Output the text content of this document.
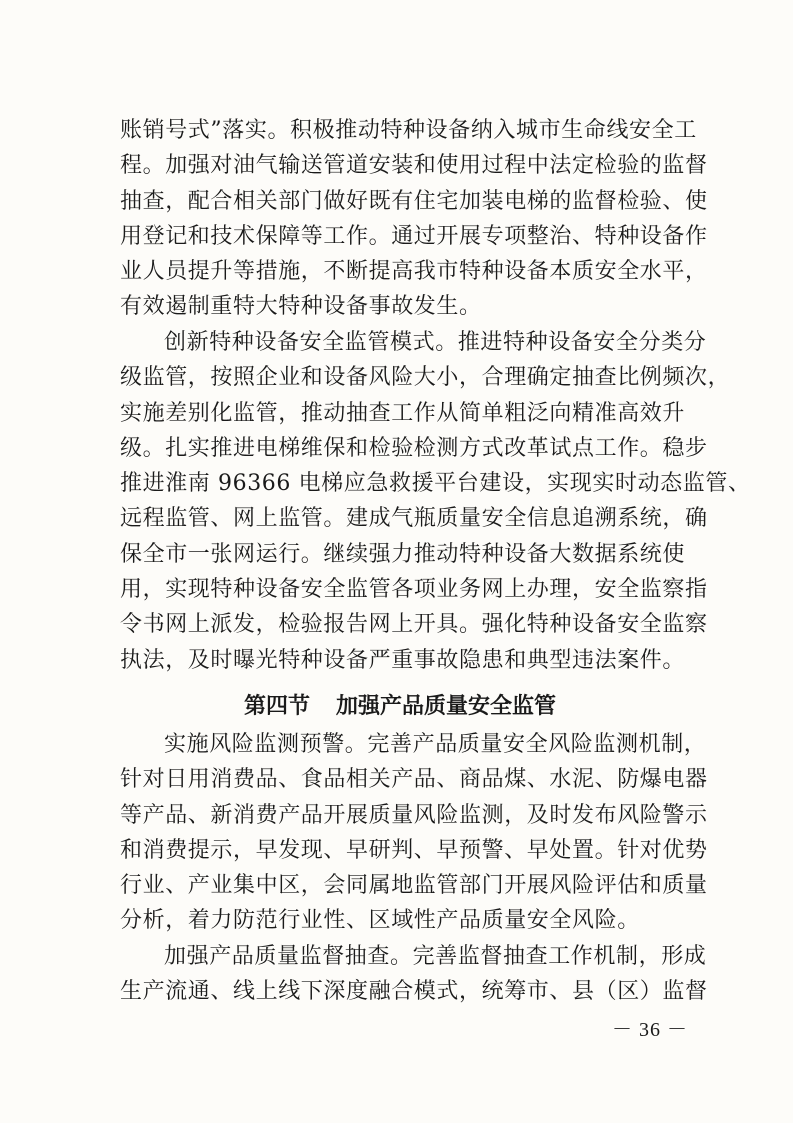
账销号式”落实。积极推动特种设备纳入城市生命线安全工
程。加强对油气输送管道安装和使用过程中法定检验的监督
抽查，配合相关部门做好既有住宅加装电梯的监督检验、使
用登记和技术保障等工作。通过开展专项整治、特种设备作
业人员提升等措施，不断提高我市特种设备本质安全水平，
有效遏制重特大特种设备事故发生。
创新特种设备安全监管模式。推进特种设备安全分类分
级监管，按照企业和设备风险大小，合理确定抽查比例频次，
实施差别化监管，推动抽查工作从简单粗泛向精准高效升
级。扎实推进电梯维保和检验检测方式改革试点工作。稳步
推进淮南 96366 电梯应急救援平台建设，实现实时动态监管、
远程监管、网上监管。建成气瓶质量安全信息追溯系统，确
保全市一张网运行。继续强力推动特种设备大数据系统使
用，实现特种设备安全监管各项业务网上办理，安全监察指
令书网上派发，检验报告网上开具。强化特种设备安全监察
执法，及时曝光特种设备严重事故隐患和典型违法案件。
第四节 加强产品质量安全监管
实施风险监测预警。完善产品质量安全风险监测机制，
针对日用消费品、食品相关产品、商品煤、水泥、防爆电器
等产品、新消费产品开展质量风险监测，及时发布风险警示
和消费提示，早发现、早研判、早预警、早处置。针对优势
行业、产业集中区，会同属地监管部门开展风险评估和质量
分析，着力防范行业性、区域性产品质量安全风险。
加强产品质量监督抽查。完善监督抽查工作机制，形成
生产流通、线上线下深度融合模式，统筹市、县（区）监督
－ 36 －
